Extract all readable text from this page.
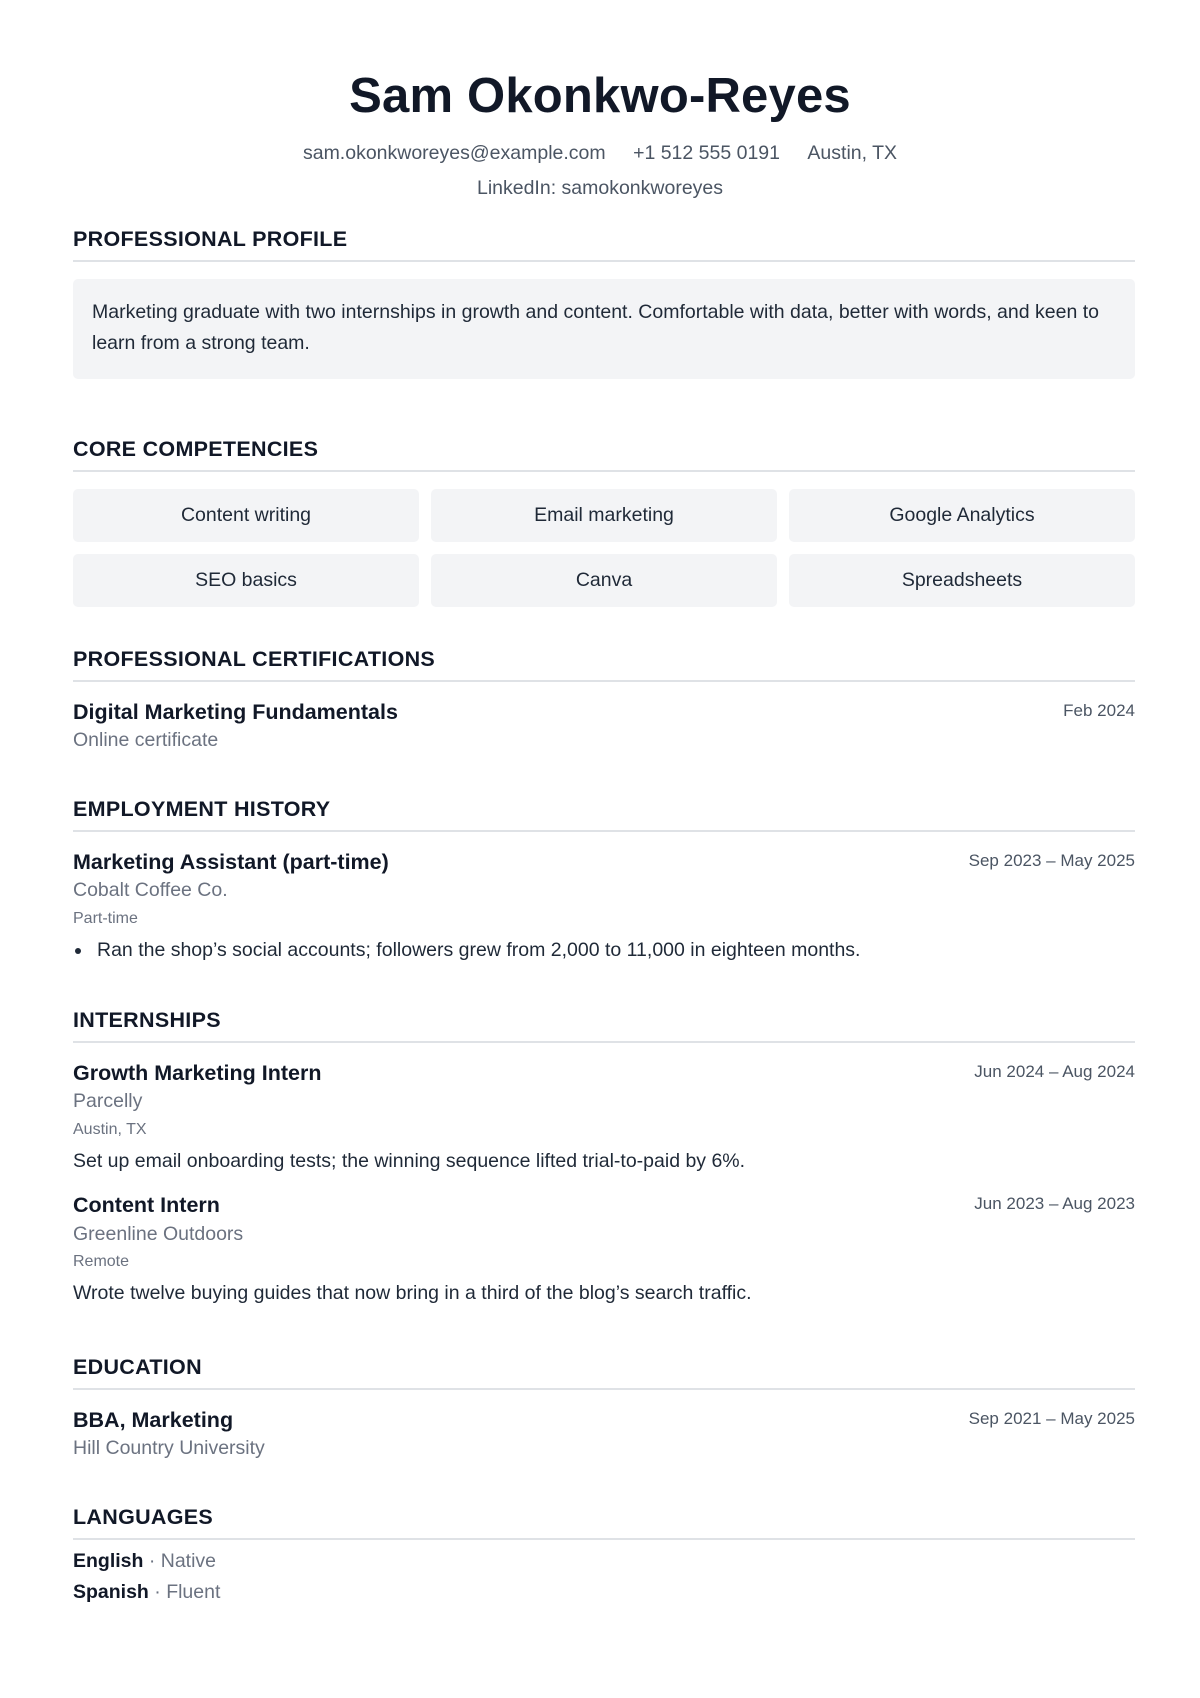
Sam Okonkwo-Reyes
sam.okonkworeyes@example.com +1 512 555 0191 Austin, TX
LinkedIn: samokonkworeyes
PROFESSIONAL PROFILE
Marketing graduate with two internships in growth and content. Comfortable with data, better with words, and keen to learn from a strong team.
CORE COMPETENCIES
Content writing	Email marketing	Google Analytics
SEO basics	Canva	Spreadsheets
PROFESSIONAL CERTIFICATIONS
Digital Marketing Fundamentals	Feb 2024
Online certificate
EMPLOYMENT HISTORY
Marketing Assistant (part-time)	Sep 2023 – May 2025
Cobalt Coffee Co.
Part-time
Ran the shop’s social accounts; followers grew from 2,000 to 11,000 in eighteen months.
INTERNSHIPS
Growth Marketing Intern	Jun 2024 – Aug 2024
Parcelly
Austin, TX
Set up email onboarding tests; the winning sequence lifted trial-to-paid by 6%.
Content Intern	Jun 2023 – Aug 2023
Greenline Outdoors
Remote
Wrote twelve buying guides that now bring in a third of the blog’s search traffic.
EDUCATION
BBA, Marketing	Sep 2021 – May 2025
Hill Country University
LANGUAGES
English · Native
Spanish · Fluent
